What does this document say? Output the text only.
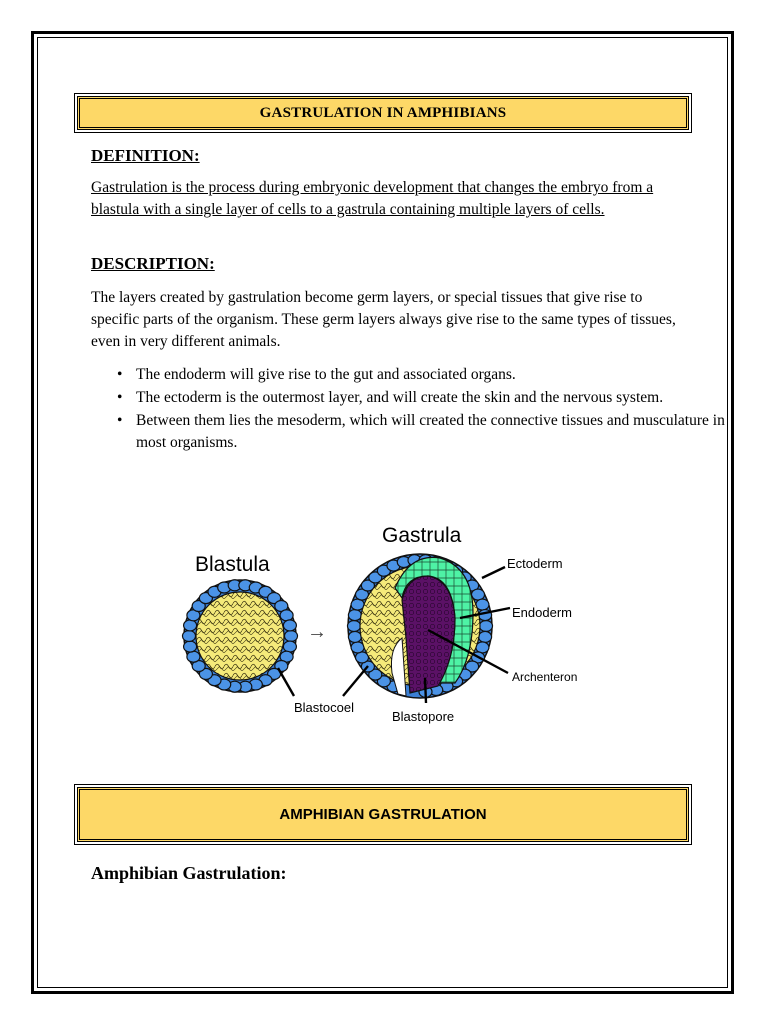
GASTRULATION IN AMPHIBIANS
DEFINITION:
Gastrulation is the process during embryonic development that changes the embryo from a blastula with a single layer of cells to a gastrula containing multiple layers of cells.
DESCRIPTION:
The layers created by gastrulation become germ layers, or special tissues that give rise to specific parts of the organism. These germ layers always give rise to the same types of tissues, even in very different animals.
• The endoderm will give rise to the gut and associated organs.
• The ectoderm is the outermost layer, and will create the skin and the nervous system.
• Between them lies the mesoderm, which will created the connective tissues and musculature in most organisms.
Blastula
→
Gastrula
Ectoderm
Endoderm
Archenteron
Blastocoel
Blastopore
AMPHIBIAN GASTRULATION
Amphibian Gastrulation:
